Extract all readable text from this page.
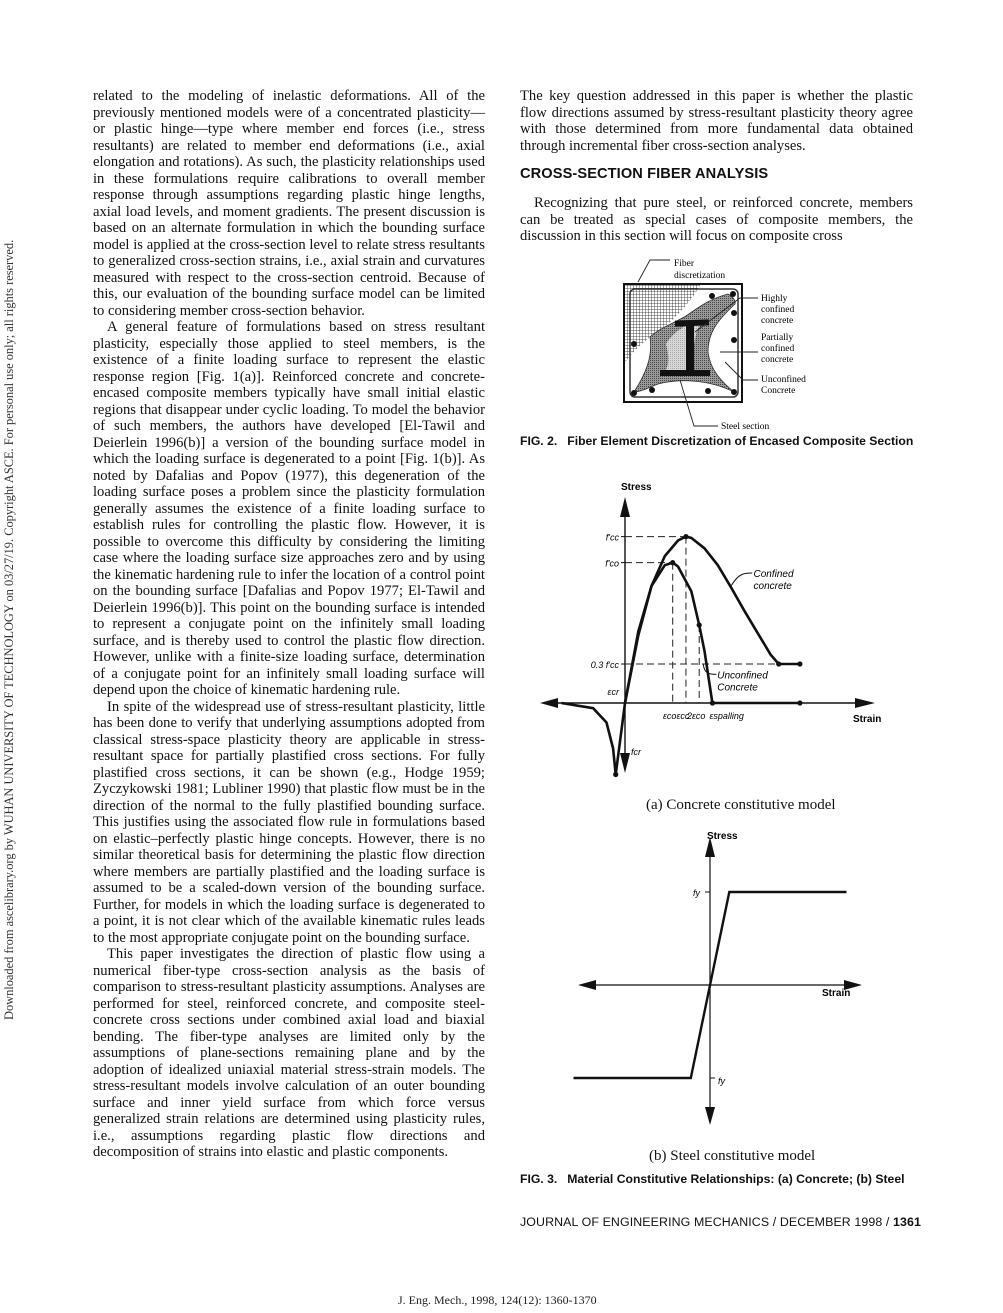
Downloaded from ascelibrary.org by WUHAN UNIVERSITY OF TECHNOLOGY on 03/27/19. Copyright ASCE. For personal use only; all rights reserved.

related to the modeling of inelastic deformations. All of the previously mentioned models were of a concentrated plasticity—or plastic hinge—type where member end forces (i.e., stress resultants) are related to member end deformations (i.e., axial elongation and rotations). As such, the plasticity relationships used in these formulations require calibrations to overall member response through assumptions regarding plastic hinge lengths, axial load levels, and moment gradients. The present discussion is based on an alternate formulation in which the bounding surface model is applied at the cross-section level to relate stress resultants to generalized cross-section strains, i.e., axial strain and curvatures measured with respect to the cross-section centroid. Because of this, our evaluation of the bounding surface model can be limited to considering member cross-section behavior.

A general feature of formulations based on stress resultant plasticity, especially those applied to steel members, is the existence of a finite loading surface to represent the elastic response region [Fig. 1(a)]. Reinforced concrete and concrete-encased composite members typically have small initial elastic regions that disappear under cyclic loading. To model the behavior of such members, the authors have developed [El-Tawil and Deierlein 1996(b)] a version of the bounding surface model in which the loading surface is degenerated to a point [Fig. 1(b)]. As noted by Dafalias and Popov (1977), this degeneration of the loading surface poses a problem since the plasticity formulation generally assumes the existence of a finite loading surface to establish rules for controlling the plastic flow. However, it is possible to overcome this difficulty by considering the limiting case where the loading surface size approaches zero and by using the kinematic hardening rule to infer the location of a control point on the bounding surface [Dafalias and Popov 1977; El-Tawil and Deierlein 1996(b)]. This point on the bounding surface is intended to represent a conjugate point on the infinitely small loading surface, and is thereby used to control the plastic flow direction. However, unlike with a finite-size loading surface, determination of a conjugate point for an infinitely small loading surface will depend upon the choice of kinematic hardening rule.

In spite of the widespread use of stress-resultant plasticity, little has been done to verify that underlying assumptions adopted from classical stress-space plasticity theory are applicable in stress-resultant space for partially plastified cross sections. For fully plastified cross sections, it can be shown (e.g., Hodge 1959; Zyczykowski 1981; Lubliner 1990) that plastic flow must be in the direction of the normal to the fully plastified bounding surface. This justifies using the associated flow rule in formulations based on elastic–perfectly plastic hinge concepts. However, there is no similar theoretical basis for determining the plastic flow direction where members are partially plastified and the loading surface is assumed to be a scaled-down version of the bounding surface. Further, for models in which the loading surface is degenerated to a point, it is not clear which of the available kinematic rules leads to the most appropriate conjugate point on the bounding surface.

This paper investigates the direction of plastic flow using a numerical fiber-type cross-section analysis as the basis of comparison to stress-resultant plasticity assumptions. Analyses are performed for steel, reinforced concrete, and composite steel-concrete cross sections under combined axial load and biaxial bending. The fiber-type analyses are limited only by the assumptions of plane-sections remaining plane and by the adoption of idealized uniaxial material stress-strain models. The stress-resultant models involve calculation of an outer bounding surface and inner yield surface from which force versus generalized strain relations are determined using plasticity rules, i.e., assumptions regarding plastic flow directions and decomposition of strains into elastic and plastic components.

The key question addressed in this paper is whether the plastic flow directions assumed by stress-resultant plasticity theory agree with those determined from more fundamental data obtained through incremental fiber cross-section analyses.

CROSS-SECTION FIBER ANALYSIS

Recognizing that pure steel, or reinforced concrete, members can be treated as special cases of composite members, the discussion in this section will focus on composite cross

Fiber
discretization
Highly
confined
concrete
Partially
confined
concrete
Unconfined
Concrete
Steel section
FIG. 2. Fiber Element Discretization of Encased Composite Section
Stress
Strain
f'cc
f'co
0.3 f'cc
εcr
εco εcc
2εco εspalling
fcr
Confined
concrete
Unconfined
Concrete
(a) Concrete constitutive model
Stress
Strain
fy
fy
(b) Steel constitutive model
FIG. 3. Material Constitutive Relationships: (a) Concrete; (b) Steel
JOURNAL OF ENGINEERING MECHANICS / DECEMBER 1998 / 1361
J. Eng. Mech., 1998, 124(12): 1360-1370
